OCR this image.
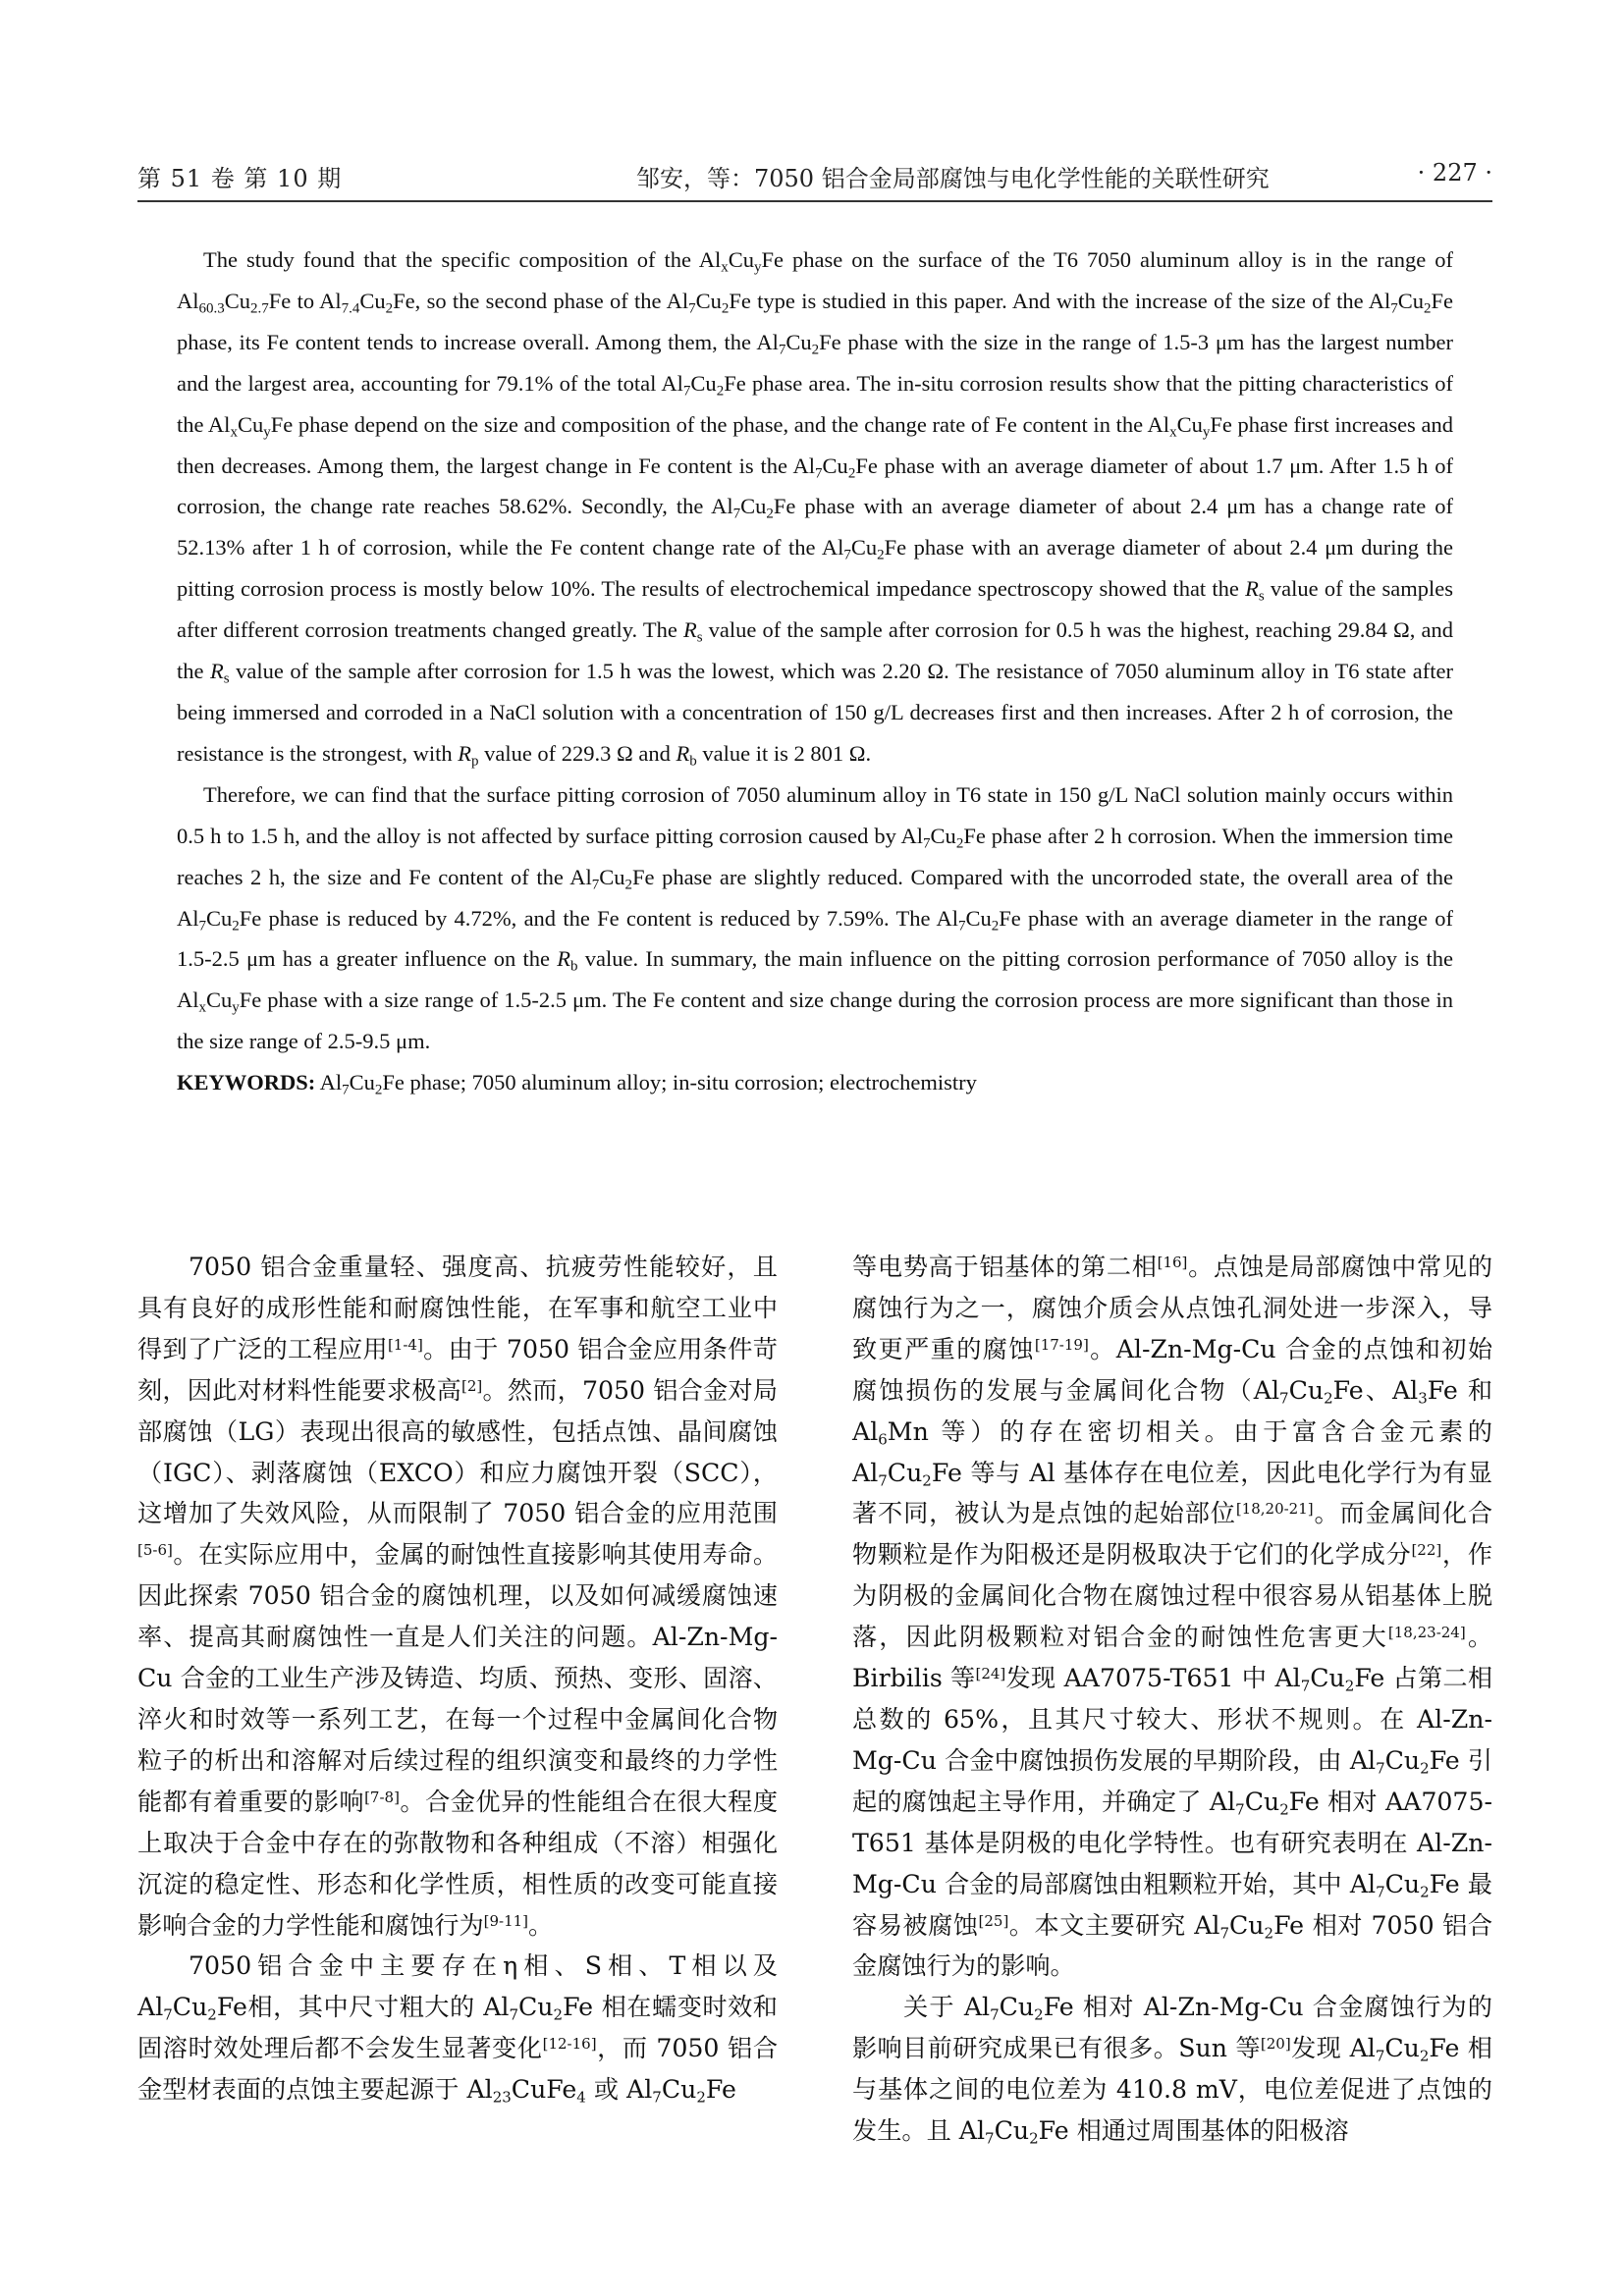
第 51 卷 第 10 期	邹安，等：7050 铝合金局部腐蚀与电化学性能的关联性研究	· 227 ·

The study found that the specific composition of the $Al_xCu_yFe$ phase on the surface of the T6 7050 aluminum alloy is in the range of $Al_{60.3}Cu_{2.7}Fe$ to $Al_{7.4}Cu_2Fe$, so the second phase of the $Al_7Cu_2Fe$ type is studied in this paper. And with the increase of the size of the $Al_7Cu_2Fe$ phase, its Fe content tends to increase overall. Among them, the $Al_7Cu_2Fe$ phase with the size in the range of 1.5-3 μm has the largest number and the largest area, accounting for 79.1% of the total $Al_7Cu_2Fe$ phase area. The in-situ corrosion results show that the pitting characteristics of the $Al_xCu_yFe$ phase depend on the size and composition of the phase, and the change rate of Fe content in the $Al_xCu_yFe$ phase first increases and then decreases. Among them, the largest change in Fe content is the $Al_7Cu_2Fe$ phase with an average diameter of about 1.7 μm. After 1.5 h of corrosion, the change rate reaches 58.62%. Secondly, the $Al_7Cu_2Fe$ phase with an average diameter of about 2.4 μm has a change rate of 52.13% after 1 h of corrosion, while the Fe content change rate of the $Al_7Cu_2Fe$ phase with an average diameter of about 2.4 μm during the pitting corrosion process is mostly below 10%. The results of electrochemical impedance spectroscopy showed that the $R_s$ value of the samples after different corrosion treatments changed greatly. The $R_s$ value of the sample after corrosion for 0.5 h was the highest, reaching 29.84 Ω, and the $R_s$ value of the sample after corrosion for 1.5 h was the lowest, which was 2.20 Ω. The resistance of 7050 aluminum alloy in T6 state after being immersed and corroded in a NaCl solution with a concentration of 150 g/L decreases first and then increases. After 2 h of corrosion, the resistance is the strongest, with $R_p$ value of 229.3 Ω and $R_b$ value it is 2 801 Ω.

Therefore, we can find that the surface pitting corrosion of 7050 aluminum alloy in T6 state in 150 g/L NaCl solution mainly occurs within 0.5 h to 1.5 h, and the alloy is not affected by surface pitting corrosion caused by $Al_7Cu_2Fe$ phase after 2 h corrosion. When the immersion time reaches 2 h, the size and Fe content of the $Al_7Cu_2Fe$ phase are slightly reduced. Compared with the uncorroded state, the overall area of the $Al_7Cu_2Fe$ phase is reduced by 4.72%, and the Fe content is reduced by 7.59%. The $Al_7Cu_2Fe$ phase with an average diameter in the range of 1.5-2.5 μm has a greater influence on the $R_b$ value. In summary, the main influence on the pitting corrosion performance of 7050 alloy is the $Al_xCu_yFe$ phase with a size range of 1.5-2.5 μm. The Fe content and size change during the corrosion process are more significant than those in the size range of 2.5-9.5 μm.

KEYWORDS: $Al_7Cu_2Fe$ phase; 7050 aluminum alloy; in-situ corrosion; electrochemistry

7050 铝合金重量轻、强度高、抗疲劳性能较好，且具有良好的成形性能和耐腐蚀性能，在军事和航空工业中得到了广泛的工程应用[1-4]。由于 7050 铝合金应用条件苛刻，因此对材料性能要求极高[2]。然而，7050 铝合金对局部腐蚀（LG）表现出很高的敏感性，包括点蚀、晶间腐蚀（IGC）、剥落腐蚀（EXCO）和应力腐蚀开裂（SCC），这增加了失效风险，从而限制了 7050 铝合金的应用范围[5-6]。在实际应用中，金属的耐蚀性直接影响其使用寿命。因此探索 7050 铝合金的腐蚀机理，以及如何减缓腐蚀速率、提高其耐腐蚀性一直是人们关注的问题。Al-Zn-Mg-Cu 合金的工业生产涉及铸造、均质、预热、变形、固溶、淬火和时效等一系列工艺，在每一个过程中金属间化合物粒子的析出和溶解对后续过程的组织演变和最终的力学性能都有着重要的影响[7-8]。合金优异的性能组合在很大程度上取决于合金中存在的弥散物和各种组成（不溶）相强化沉淀的稳定性、形态和化学性质，相性质的改变可能直接影响合金的力学性能和腐蚀行为[9-11]。

7050铝合金中主要存在η相、S相、T相以及$Al_7Cu_2Fe$相，其中尺寸粗大的 $Al_7Cu_2Fe$ 相在蠕变时效和固溶时效处理后都不会发生显著变化[12-16]，而 7050 铝合金型材表面的点蚀主要起源于 $Al_{23}CuFe_4$ 或 $Al_7Cu_2Fe$

等电势高于铝基体的第二相[16]。点蚀是局部腐蚀中常见的腐蚀行为之一，腐蚀介质会从点蚀孔洞处进一步深入，导致更严重的腐蚀[17-19]。Al-Zn-Mg-Cu 合金的点蚀和初始腐蚀损伤的发展与金属间化合物（$Al_7Cu_2Fe$、$Al_3Fe$ 和 $Al_6Mn$ 等）的存在密切相关。由于富含合金元素的 $Al_7Cu_2Fe$ 等与 Al 基体存在电位差，因此电化学行为有显著不同，被认为是点蚀的起始部位[18,20-21]。而金属间化合物颗粒是作为阳极还是阴极取决于它们的化学成分[22]，作为阴极的金属间化合物在腐蚀过程中很容易从铝基体上脱落，因此阴极颗粒对铝合金的耐蚀性危害更大[18,23-24]。Birbilis 等[24]发现 AA7075-T651 中 $Al_7Cu_2Fe$ 占第二相总数的 65%，且其尺寸较大、形状不规则。在 Al-Zn-Mg-Cu 合金中腐蚀损伤发展的早期阶段，由 $Al_7Cu_2Fe$ 引起的腐蚀起主导作用，并确定了 $Al_7Cu_2Fe$ 相对 AA7075-T651 基体是阴极的电化学特性。也有研究表明在 Al-Zn-Mg-Cu 合金的局部腐蚀由粗颗粒开始，其中 $Al_7Cu_2Fe$ 最容易被腐蚀[25]。本文主要研究 $Al_7Cu_2Fe$ 相对 7050 铝合金腐蚀行为的影响。

关于 $Al_7Cu_2Fe$ 相对 Al-Zn-Mg-Cu 合金腐蚀行为的影响目前研究成果已有很多。Sun 等[20]发现 $Al_7Cu_2Fe$ 相与基体之间的电位差为 410.8 mV，电位差促进了点蚀的发生。且 $Al_7Cu_2Fe$ 相通过周围基体的阳极溶
